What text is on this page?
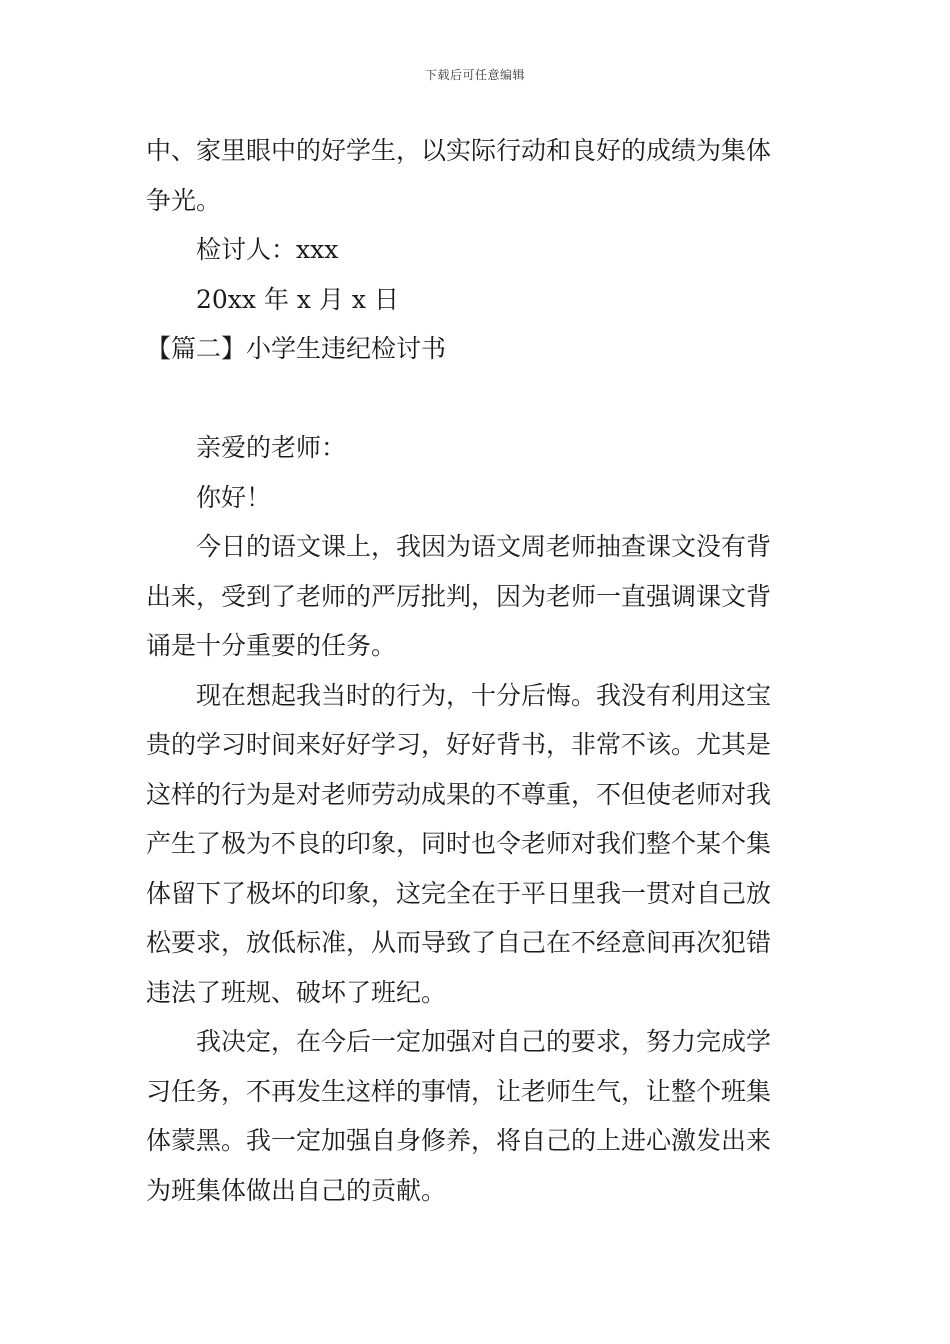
下载后可任意编辑
中、家里眼中的好学生，以实际行动和良好的成绩为集体
争光。
检讨人：xxx
20xx 年 x 月 x 日
【篇二】小学生违纪检讨书
亲爱的老师：
你好！
今日的语文课上，我因为语文周老师抽查课文没有背
出来，受到了老师的严厉批判，因为老师一直强调课文背
诵是十分重要的任务。
现在想起我当时的行为，十分后悔。我没有利用这宝
贵的学习时间来好好学习，好好背书，非常不该。尤其是
这样的行为是对老师劳动成果的不尊重，不但使老师对我
产生了极为不良的印象，同时也令老师对我们整个某个集
体留下了极坏的印象，这完全在于平日里我一贯对自己放
松要求，放低标准，从而导致了自己在不经意间再次犯错
违法了班规、破坏了班纪。
我决定，在今后一定加强对自己的要求，努力完成学
习任务，不再发生这样的事情，让老师生气，让整个班集
体蒙黑。我一定加强自身修养，将自己的上进心激发出来
为班集体做出自己的贡献。
